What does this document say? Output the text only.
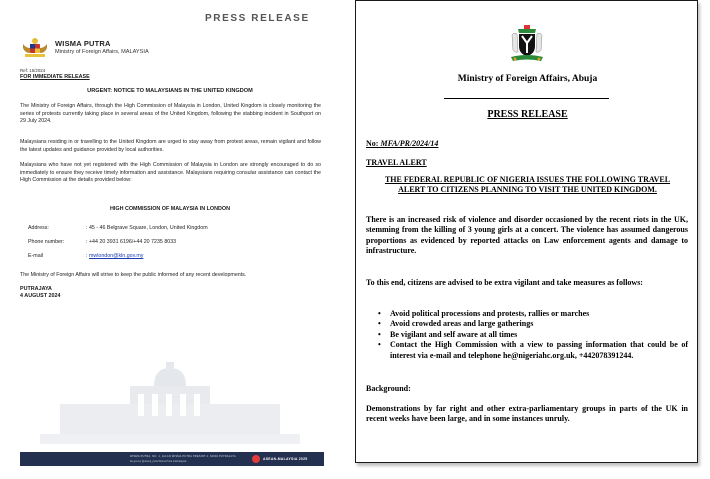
PRESS RELEASE
WISMA PUTRA
Ministry of Foreign Affairs, MALAYSIA
Ref: 15/2024
FOR IMMEDIATE RELEASE
URGENT: NOTICE TO MALAYSIANS IN THE UNITED KINGDOM

The Ministry of Foreign Affairs, through the High Commission of Malaysia in London, United Kingdom is closely monitoring the series of protests currently taking place in several areas of the United Kingdom, following the stabbing incident in Southport on 29 July 2024.

Malaysians residing in or travelling to the United Kingdom are urged to stay away from protest areas, remain vigilant and follow the latest updates and guidance provided by local authorities.

Malaysians who have not yet registered with the High Commission of Malaysia in London are strongly encouraged to do so immediately to ensure they receive timely information and assistance. Malaysians requiring consular assistance can contact the High Commission at the details provided below:

HIGH COMMISSION OF MALAYSIA IN LONDON
Address:	: 45 - 46 Belgrave Square, London, United Kingdom
Phone number:	: +44 20 3931 6196/+44 20 7235 8033
E-mail	: mwlondon@kln.gov.my

The Ministry of Foreign Affairs will strive to keep the public informed of any recent developments.

PUTRAJAYA
4 AUGUST 2024
WISMA PUTRA, NO. 1, JALAN WISMA PUTRA PRESINT 2, 62602 PUTRAJAYA
kln.gov.my @wisma_putra Wisma Putra mfamalaysia
ASEAN-MALAYSIA 2025
Ministry of Foreign Affairs, Abuja
PRESS RELEASE
No: MFA/PR/2024/14
TRAVEL ALERT
THE FEDERAL REPUBLIC OF NIGERIA ISSUES THE FOLLOWING TRAVEL ALERT TO CITIZENS PLANNING TO VISIT THE UNITED KINGDOM.

There is an increased risk of violence and disorder occasioned by the recent riots in the UK, stemming from the killing of 3 young girls at a concert. The violence has assumed dangerous proportions as evidenced by reported attacks on Law enforcement agents and damage to infrastructure.

To this end, citizens are advised to be extra vigilant and take measures as follows:

• Avoid political processions and protests, rallies or marches
• Avoid crowded areas and large gatherings
• Be vigilant and self aware at all times
• Contact the High Commission with a view to passing information that could be of interest via e-mail and telephone he@nigeriahc.org.uk, +442078391244.
Background:

Demonstrations by far right and other extra-parliamentary groups in parts of the UK in recent weeks have been large, and in some instances unruly.
